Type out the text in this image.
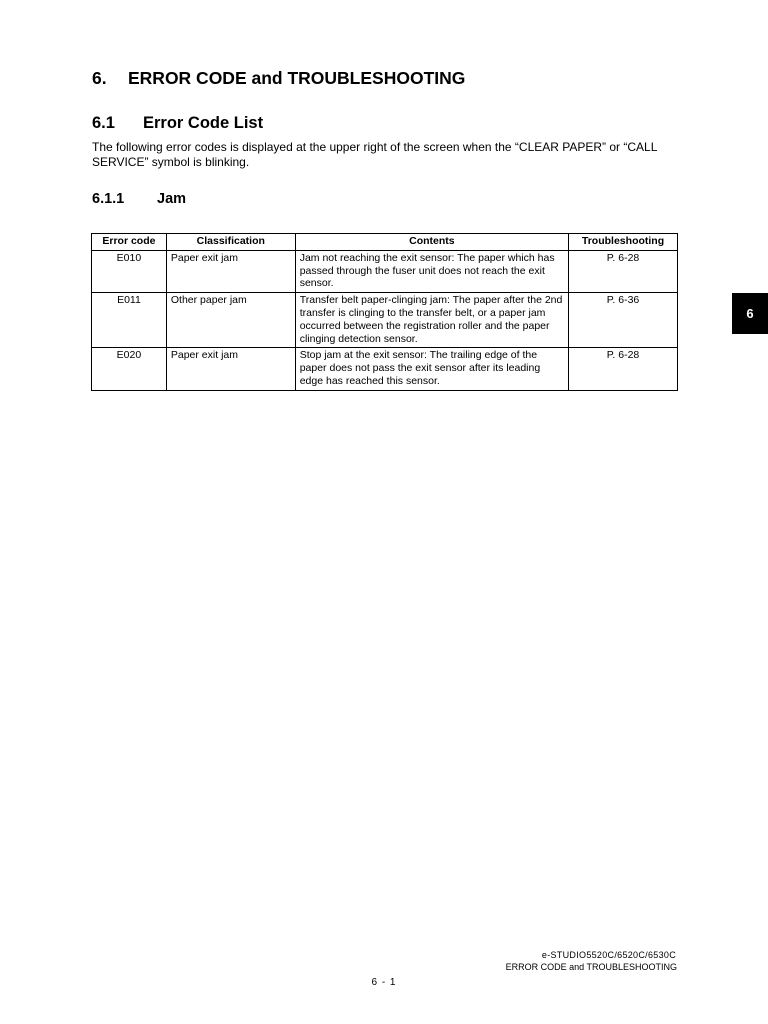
6. ERROR CODE and TROUBLESHOOTING
6.1 Error Code List

The following error codes is displayed at the upper right of the screen when the “CLEAR PAPER” or “CALL SERVICE” symbol is blinking.

6.1.1 Jam
Error code	Classification	Contents	Troubleshooting
E010	Paper exit jam	Jam not reaching the exit sensor: The paper which has passed through the fuser unit does not reach the exit sensor.	P. 6-28
E011	Other paper jam	Transfer belt paper-clinging jam: The paper after the 2nd transfer is clinging to the transfer belt, or a paper jam occurred between the registration roller and the paper clinging detection sensor.	P. 6-36
E020	Paper exit jam	Stop jam at the exit sensor: The trailing edge of the paper does not pass the exit sensor after its leading edge has reached this sensor.	P. 6-28
6
e-STUDIO5520C/6520C/6530C
ERROR CODE and TROUBLESHOOTING
6 - 1
